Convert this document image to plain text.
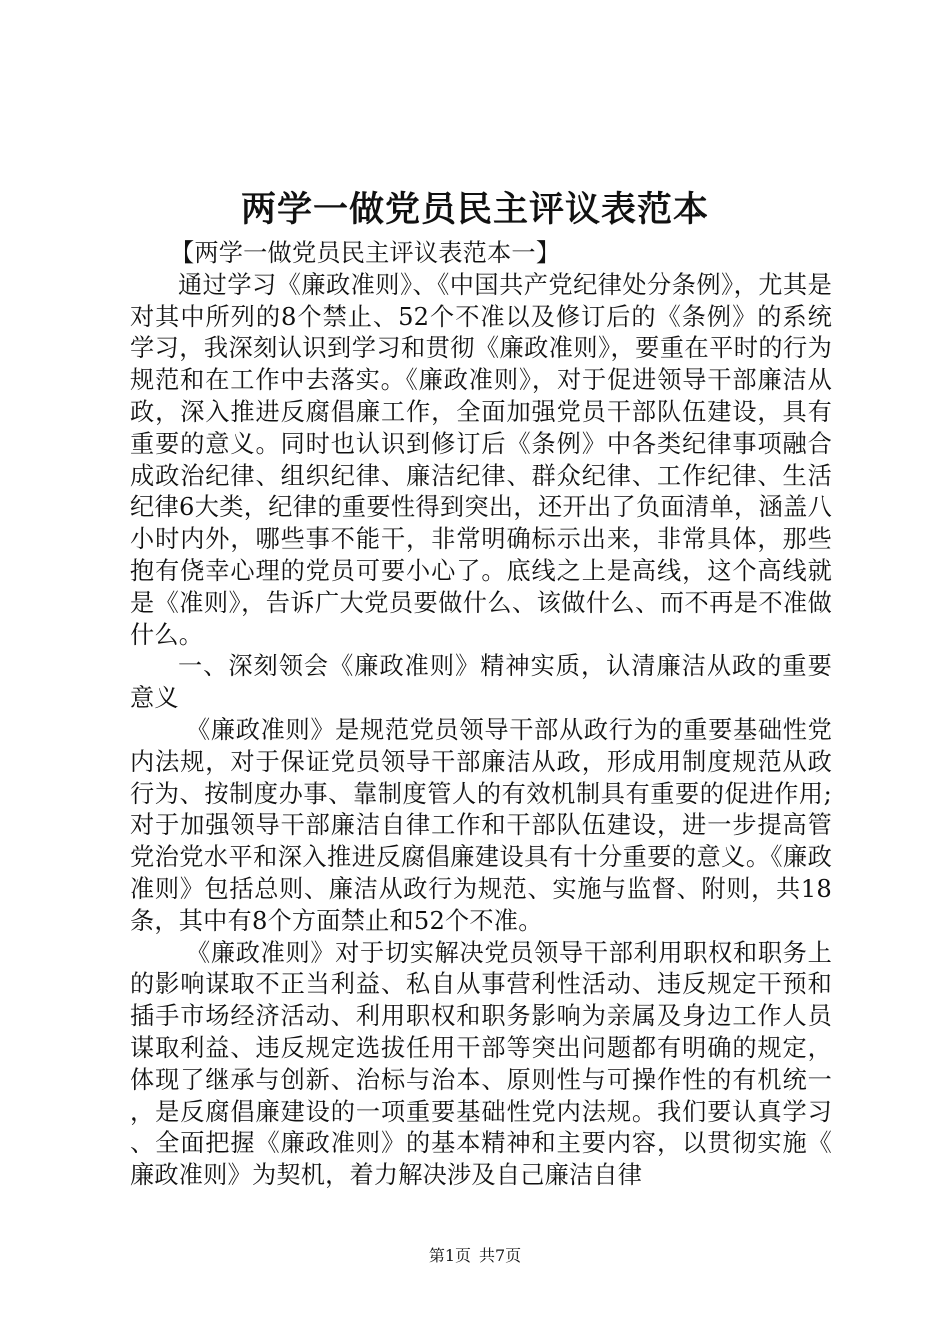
两学一做党员民主评议表范本

【两学一做党员民主评议表范本一】

通过学习《廉政准则》、《中国共产党纪律处分条例》，尤其是对其中所列的8个禁止、52个不准以及修订后的《条例》的系统学习，我深刻认识到学习和贯彻《廉政准则》，要重在平时的行为规范和在工作中去落实。《廉政准则》，对于促进领导干部廉洁从政，深入推进反腐倡廉工作，全面加强党员干部队伍建设，具有重要的意义。同时也认识到修订后《条例》中各类纪律事项融合成政治纪律、组织纪律、廉洁纪律、群众纪律、工作纪律、生活纪律6大类，纪律的重要性得到突出，还开出了负面清单，涵盖八小时内外，哪些事不能干，非常明确标示出来，非常具体，那些抱有侥幸心理的党员可要小心了。底线之上是高线，这个高线就是《准则》，告诉广大党员要做什么、该做什么、而不再是不准做什么。

一、深刻领会《廉政准则》精神实质，认清廉洁从政的重要意义

《廉政准则》是规范党员领导干部从政行为的重要基础性党内法规，对于保证党员领导干部廉洁从政，形成用制度规范从政行为、按制度办事、靠制度管人的有效机制具有重要的促进作用;对于加强领导干部廉洁自律工作和干部队伍建设，进一步提高管党治党水平和深入推进反腐倡廉建设具有十分重要的意义。《廉政准则》包括总则、廉洁从政行为规范、实施与监督、附则，共18条，其中有8个方面禁止和52个不准。

《廉政准则》对于切实解决党员领导干部利用职权和职务上的影响谋取不正当利益、私自从事营利性活动、违反规定干预和插手市场经济活动、利用职权和职务影响为亲属及身边工作人员谋取利益、违反规定选拔任用干部等突出问题都有明确的规定，体现了继承与创新、治标与治本、原则性与可操作性的有机统一，是反腐倡廉建设的一项重要基础性党内法规。我们要认真学习、全面把握《廉政准则》的基本精神和主要内容，以贯彻实施《廉政准则》为契机，着力解决涉及自己廉洁自律

第1页 共7页
